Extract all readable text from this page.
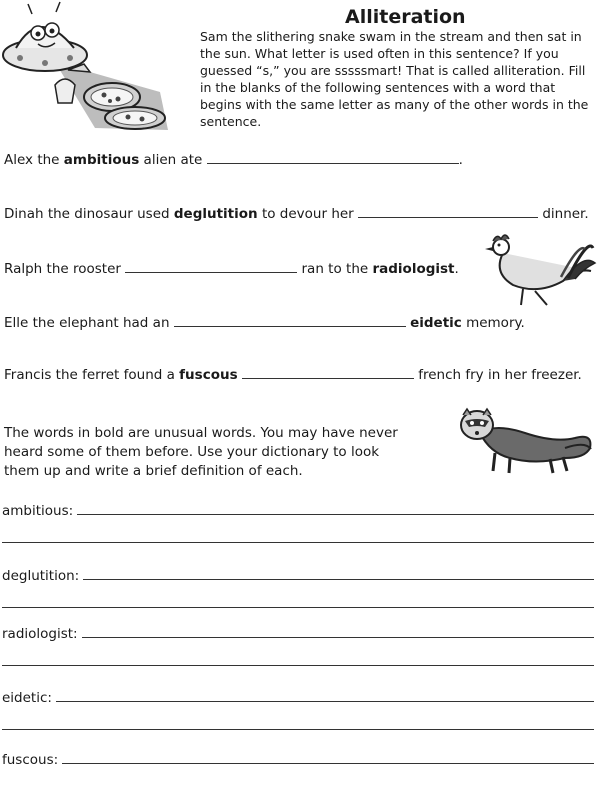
Alliteration
Sam the slithering snake swam in the stream and then sat in the sun. What letter is used often in this sentence? If you guessed “s,” you are sssssmart! That is called alliteration. Fill in the blanks of the following sentences with a word that begins with the same letter as many of the other words in the sentence.
Alex the ambitious alien ate	.
Dinah the dinosaur used deglutition to devour her	dinner.
Ralph the rooster	ran to the radiologist.
Elle the elephant had an	eidetic memory.
Francis the ferret found a fuscous	french fry in her freezer.
The words in bold are unusual words. You may have never heard some of them before. Use your dictionary to look them up and write a brief definition of each.
ambitious:
deglutition:
radiologist:
eidetic:
fuscous:
